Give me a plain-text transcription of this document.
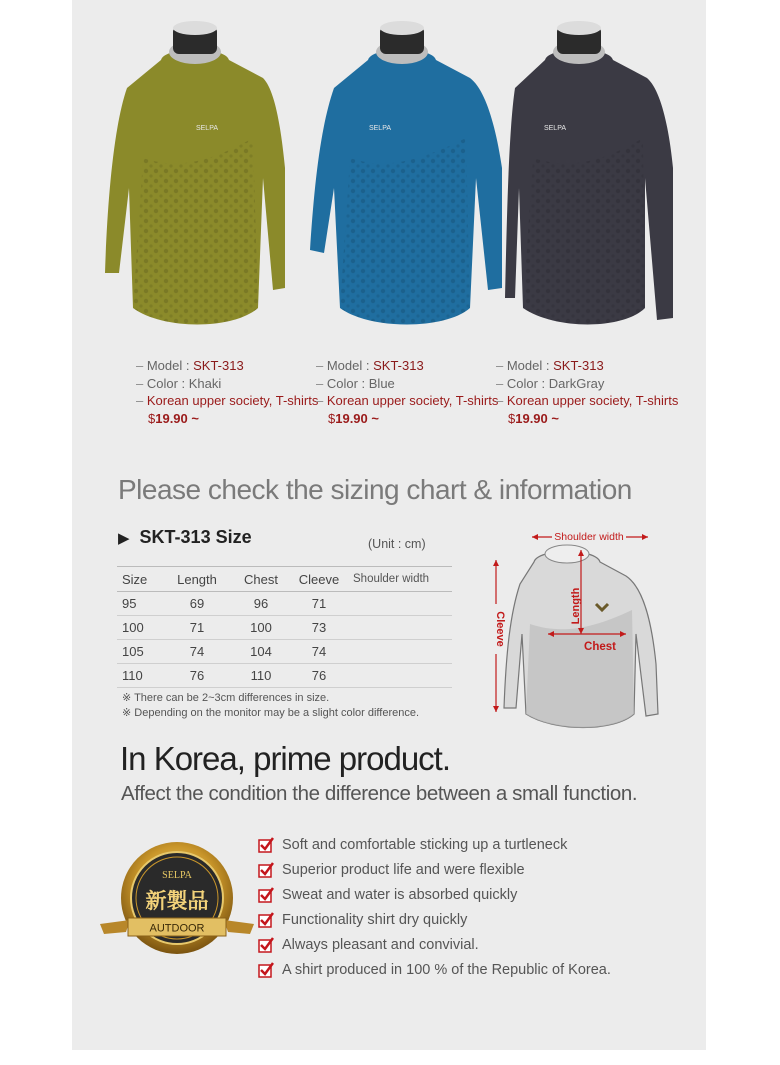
SELPA	SELPA	SELPA
– Model : SKT-313
– Color : Khaki
– Korean upper society, T-shirts
$19.90 ~
– Model : SKT-313
– Color : Blue
– Korean upper society, T-shirts
$19.90 ~
– Model : SKT-313
– Color : DarkGray
– Korean upper society, T-shirts
$19.90 ~
Please check the sizing chart & information
▶ SKT-313 Size	(Unit : cm)
Size	Length	Chest	Cleeve	Shoulder width
95	69	96	71	
100	71	100	73	
105	74	104	74	
110	76	110	76	
※ There can be 2~3cm differences in size.
※ Depending on the monitor may be a slight color difference.
Shoulder width
Length
Chest
Cleeve
In Korea, prime product.
Affect the condition the difference between a small function.
SELPA
新製品
AUTDOOR
Soft and comfortable sticking up a turtleneck
Superior product life and were flexible
Sweat and water is absorbed quickly
Functionality shirt dry quickly
Always pleasant and convivial.
A shirt produced in 100 % of the Republic of Korea.
